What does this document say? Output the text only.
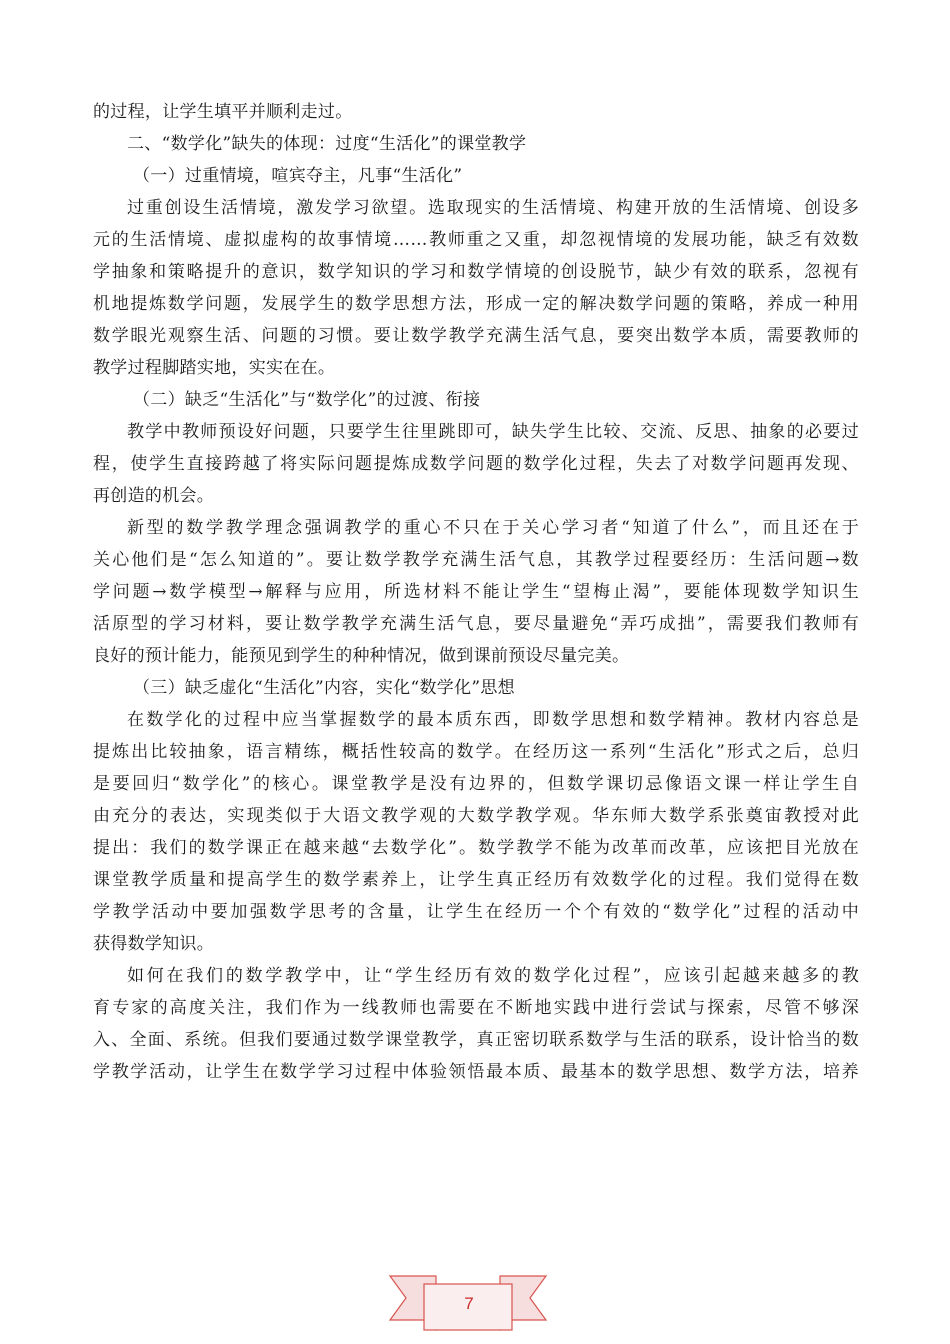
的过程，让学生填平并顺利走过。
二、“数学化”缺失的体现：过度“生活化”的课堂教学
（一）过重情境，喧宾夺主，凡事“生活化”
过重创设生活情境，激发学习欲望。选取现实的生活情境、构建开放的生活情境、创设多
元的生活情境、虚拟虚构的故事情境……教师重之又重，却忽视情境的发展功能，缺乏有效数
学抽象和策略提升的意识，数学知识的学习和数学情境的创设脱节，缺少有效的联系，忽视有
机地提炼数学问题，发展学生的数学思想方法，形成一定的解决数学问题的策略，养成一种用
数学眼光观察生活、问题的习惯。要让数学教学充满生活气息，要突出数学本质，需要教师的
教学过程脚踏实地，实实在在。
（二）缺乏“生活化”与“数学化”的过渡、衔接
教学中教师预设好问题，只要学生往里跳即可，缺失学生比较、交流、反思、抽象的必要过
程，使学生直接跨越了将实际问题提炼成数学问题的数学化过程，失去了对数学问题再发现、
再创造的机会。
新型的数学教学理念强调教学的重心不只在于关心学习者“知道了什么”，而且还在于
关心他们是“怎么知道的”。要让数学教学充满生活气息，其教学过程要经历：生活问题→数
学问题→数学模型→解释与应用，所选材料不能让学生“望梅止渴”，要能体现数学知识生
活原型的学习材料，要让数学教学充满生活气息，要尽量避免“弄巧成拙”，需要我们教师有
良好的预计能力，能预见到学生的种种情况，做到课前预设尽量完美。
（三）缺乏虚化“生活化”内容，实化“数学化”思想
在数学化的过程中应当掌握数学的最本质东西，即数学思想和数学精神。教材内容总是
提炼出比较抽象，语言精练，概括性较高的数学。在经历这一系列“生活化”形式之后，总归
是要回归“数学化”的核心。课堂教学是没有边界的，但数学课切忌像语文课一样让学生自
由充分的表达，实现类似于大语文教学观的大数学教学观。华东师大数学系张奠宙教授对此
提出：我们的数学课正在越来越“去数学化”。数学教学不能为改革而改革，应该把目光放在
课堂教学质量和提高学生的数学素养上，让学生真正经历有效数学化的过程。我们觉得在数
学教学活动中要加强数学思考的含量，让学生在经历一个个有效的“数学化”过程的活动中
获得数学知识。
如何在我们的数学教学中，让“学生经历有效的数学化过程”，应该引起越来越多的教
育专家的高度关注，我们作为一线教师也需要在不断地实践中进行尝试与探索，尽管不够深
入、全面、系统。但我们要通过数学课堂教学，真正密切联系数学与生活的联系，设计恰当的数
学教学活动，让学生在数学学习过程中体验领悟最本质、最基本的数学思想、数学方法，培养
7
